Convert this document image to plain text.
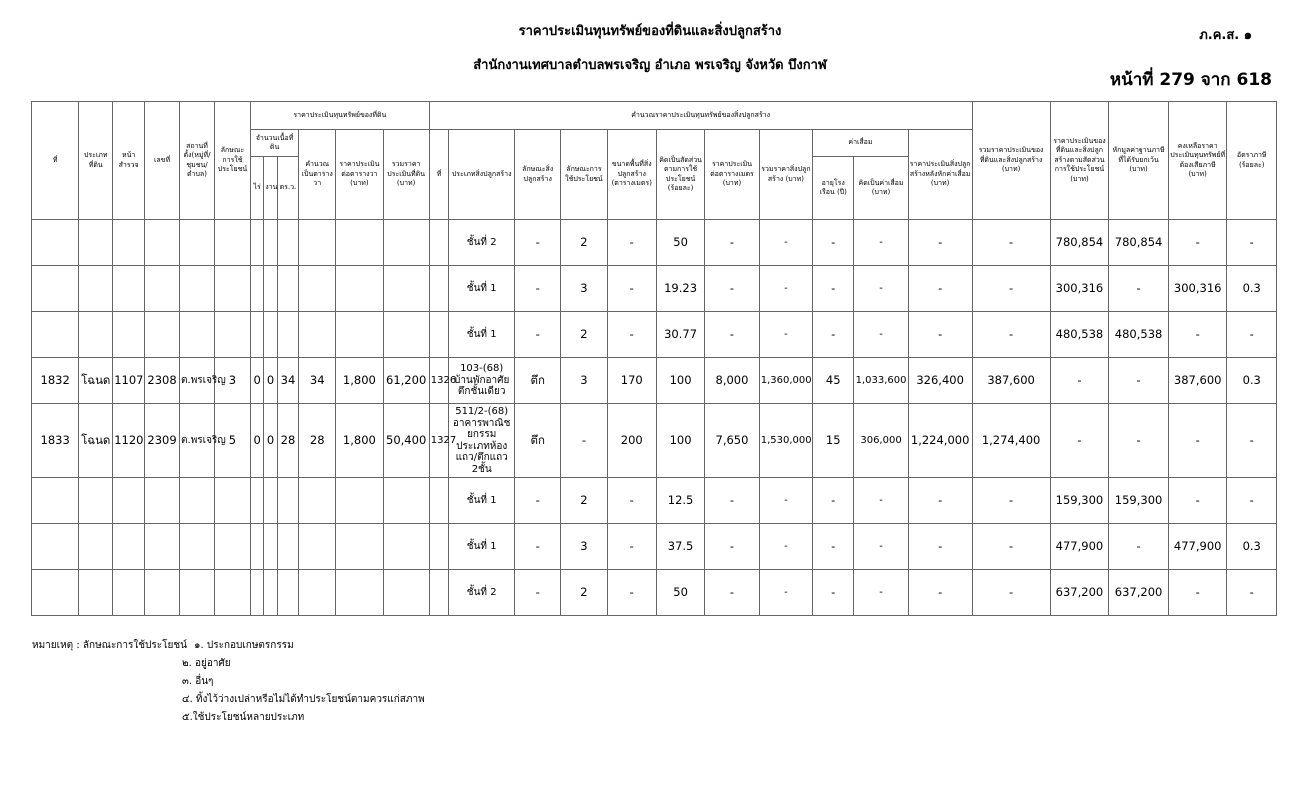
ราคาประเมินทุนทรัพย์ของที่ดินและสิ่งปลูกสร้าง	ภ.ค.ส. ๑
สำนักงานเทศบาลตำบลพรเจริญ อำเภอ พรเจริญ จังหวัด บึงกาฬ
หน้าที่ 279 จาก 618
ที่	ประเภทที่ดิน	หน้าสำรวจ	เลขที่	สถานที่ตั้ง(หมู่ที่/ชุมชน/ตำบล)	ลักษณะการใช้ประโยชน์	ราคาประเมินทุนทรัพย์ของที่ดิน						คำนวณราคาประเมินทุนทรัพย์ของสิ่งปลูกสร้าง											รวมราคาประเมินของที่ดินและสิ่งปลูกสร้าง (บาท)	ราคาประเมินของที่ดินและสิ่งปลูกสร้างตามสัดส่วนการใช้ประโยชน์ (บาท)	หักมูลค่าฐานภาษีที่ได้รับยกเว้น (บาท)	คงเหลือราคาประเมินทุนทรัพย์ที่ต้องเสียภาษี (บาท)	อัตราภาษี (ร้อยละ)
						จำนวนเนื้อที่ดิน			คำนวณเป็นตารางวา	ราคาประเมินต่อตารางวา (บาท)	รวมราคาประเมินที่ดิน (บาท)	ที่	ประเภทสิ่งปลูกสร้าง	ลักษณะสิ่งปลูกสร้าง	ลักษณะการใช้ประโยชน์	ขนาดพื้นที่สิ่งปลูกสร้าง (ตารางเมตร)	คิดเป็นสัดส่วนตามการใช้ประโยชน์ (ร้อยละ)	ราคาประเมินต่อตารางเมตร (บาท)	รวมราคาสิ่งปลูกสร้าง (บาท)	ค่าเสื่อม		ราคาประเมินสิ่งปลูกสร้างหลังหักค่าเสื่อม (บาท)					
						ไร่	งาน	ตร.ว.												อายุโรงเรือน (ปี)	คิดเป็นค่าเสื่อม (บาท)						
													ชั้นที่ 2	-	2	-	50	-	-	-	-	-	-	780,854	780,854	-	-
													ชั้นที่ 1	-	3	-	19.23	-	-	-	-	-	-	300,316	-	300,316	0.3
													ชั้นที่ 1	-	2	-	30.77	-	-	-	-	-	-	480,538	480,538	-	-
1832	โฉนด	1107	2308	ต.พรเจริญ	3	0	0	34	34	1,800	61,200	1326	103-(68) บ้านพักอาศัยตึกชั้นเดียว	ตึก	3	170	100	8,000	1,360,000	45	1,033,600	326,400	387,600	-	-	387,600	0.3
1833	โฉนด	1120	2309	ต.พรเจริญ	5	0	0	28	28	1,800	50,400	1327	511/2-(68) อาคารพาณิชยกรรม ประเภทห้องแถว/ตึกแถว 2ชั้น	ตึก	-	200	100	7,650	1,530,000	15	306,000	1,224,000	1,274,400	-	-	-	-
													ชั้นที่ 1	-	2	-	12.5	-	-	-	-	-	-	159,300	159,300	-	-
													ชั้นที่ 1	-	3	-	37.5	-	-	-	-	-	-	477,900	-	477,900	0.3
													ชั้นที่ 2	-	2	-	50	-	-	-	-	-	-	637,200	637,200	-	-
หมายเหตุ : ลักษณะการใช้ประโยชน์ ๑. ประกอบเกษตรกรรม
๒. อยู่อาศัย
๓. อื่นๆ
๔. ทิ้งไว้ว่างเปล่าหรือไม่ได้ทำประโยชน์ตามควรแก่สภาพ
๕.ใช้ประโยชน์หลายประเภท
